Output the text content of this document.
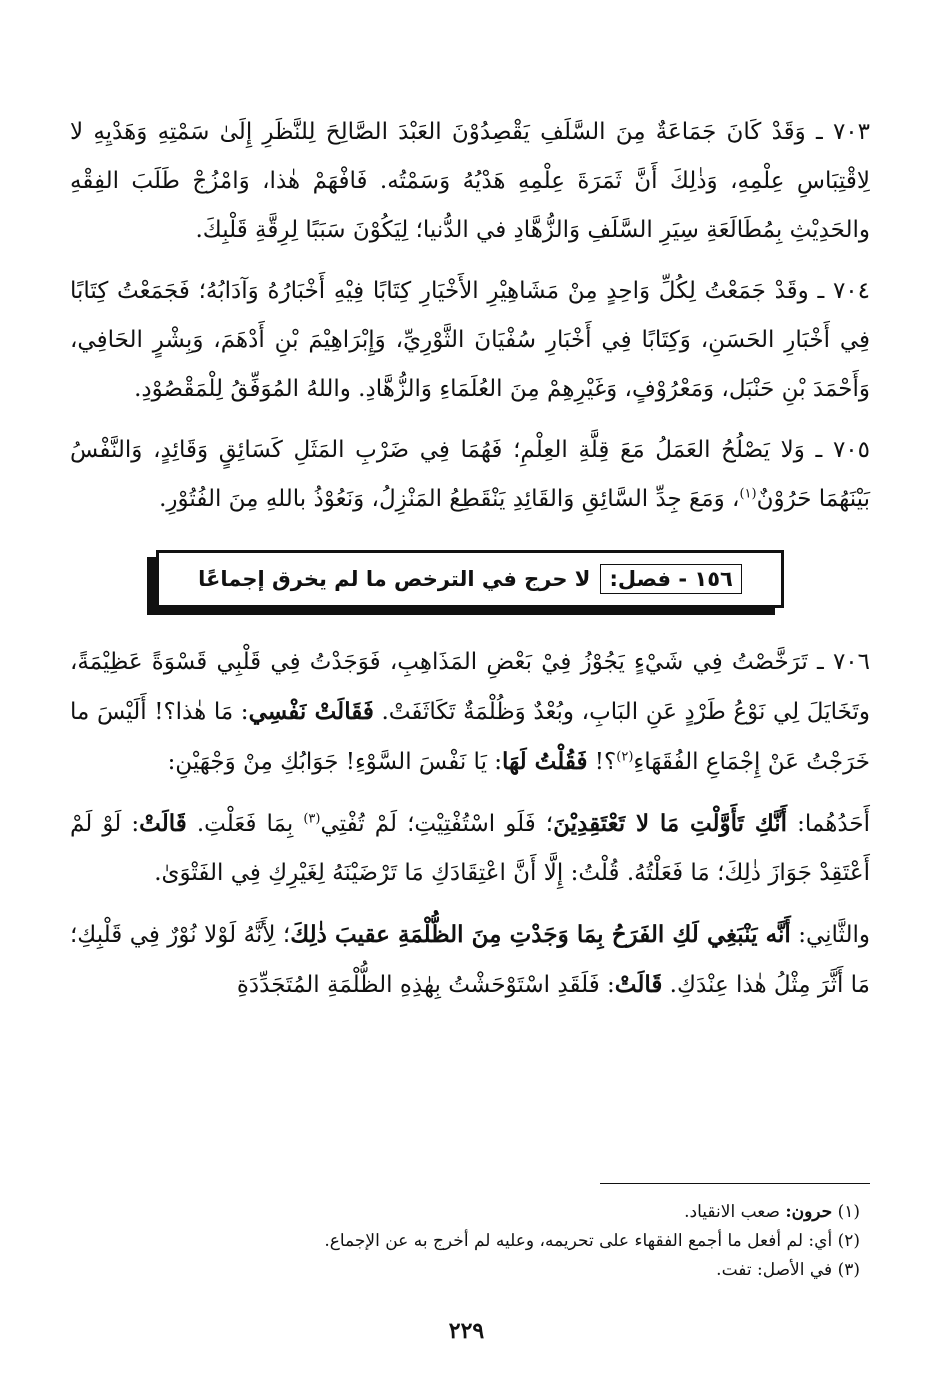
٧٠٣ ـ وَقَدْ كَانَ جَمَاعَةٌ مِنَ السَّلَفِ يَقْصِدُوْنَ العَبْدَ الصَّالِحَ لِلنَّظَرِ إِلَىٰ سَمْتِهِ وَهَدْيِهِ لا لِاقْتِبَاسِ عِلْمِهِ، وَذٰلِكَ أَنَّ ثَمَرَةَ عِلْمِهِ هَدْيُهُ وَسَمْتُه. فَافْهَمْ هٰذا، وَامْزُجْ طَلَبَ الفِقْهِ والحَدِيْثِ بِمُطَالَعَةِ سِيَرِ السَّلَفِ وَالزُّهَّادِ في الدُّنيا؛ لِيَكُوْنَ سَبَبًا لِرِقَّةِ قَلْبِكَ.

٧٠٤ ـ وقَدْ جَمَعْتُ لِكُلِّ وَاحِدٍ مِنْ مَشَاهِيْرِ الأَخْيَارِ كِتَابًا فِيْهِ أَخْبَارُهُ وَآدَابُهُ؛ فَجَمَعْتُ كِتَابًا فِي أَخْبَارِ الحَسَنِ، وَكِتَابًا فِي أَخْبَارِ سُفْيَانَ الثَّوْرِيِّ، وَإِبْرَاهِيْمَ بْنِ أَدْهَمَ، وَبِشْرٍ الحَافِي، وَأَحْمَدَ بْنِ حَنْبَل، وَمَعْرُوْفٍ، وَغَيْرِهِمْ مِنَ العُلَمَاءِ وَالزُّهَّادِ. واللهُ المُوَفِّقُ لِلْمَقْصُوْدِ.

٧٠٥ ـ وَلا يَصْلُحُ العَمَلُ مَعَ قِلَّةِ العِلْمِ؛ فَهُمَا فِي ضَرْبِ المَثَلِ كَسَائِقٍ وَقَائِدٍ، وَالنَّفْسُ بَيْنَهُمَا حَرُوْنٌ$^{(١)}$، وَمَعَ جِدِّ السَّائِقِ وَالقَائِدِ يَنْقَطِعُ المَنْزِلُ، وَنَعُوْذُ باللهِ مِنَ الفُتُوْرِ.

١٥٦ - فصل:
لا حرج في الترخص ما لم يخرق إجماعًا

٧٠٦ ـ تَرَخَّصْتُ فِي شَيْءٍ يَجُوْزُ فِيْ بَعْضِ المَذَاهِبِ، فَوَجَدْتُ فِي قَلْبِي قَسْوَةً عَظِيْمَةً، وتَخَايَلَ لِي نَوْعُ طَرْدٍ عَنِ البَابِ، وبُعْدٌ وَظُلْمَةٌ تَكَاثَفَتْ. فَقَالَتْ نَفْسِي: مَا هٰذا؟! أَلَيْسَ ما خَرَجْتُ عَنْ إِجْمَاعِ الفُقَهَاءِ$^{(٢)}$؟! فَقُلْتُ لَهَا: يَا نَفْسَ السَّوْءِ! جَوَابُكِ مِنْ وَجْهَيْنِ:

أَحَدُهُما: أَنَّكِ تَأَوَّلْتِ مَا لا تَعْتَقِدِيْنَ؛ فَلَو اسْتُفْتِيْتِ؛ لَمْ تُفْتِي$^{(٣)}$ بِمَا فَعَلْتِ. قَالَتْ: لَوْ لَمْ أَعْتَقِدْ جَوَازَ ذٰلِكَ؛ مَا فَعَلْتُهُ. قُلْتُ: إِلَّا أَنَّ اعْتِقَادَكِ مَا تَرْضَيْنَهُ لِغَيْرِكِ فِي الفَتْوَىٰ.

والثَّانِي: أَنَّه يَنْبَغِي لَكِ الفَرَحُ بِمَا وَجَدْتِ مِنَ الظُّلْمَةِ عقيبَ ذٰلِكَ؛ لِأَنَّهُ لَوْلا نُوْرٌ فِي قَلْبِكِ؛ مَا أَثَّرَ مِثْلُ هٰذا عِنْدَكِ. قَالَتْ: فَلَقَدِ اسْتَوْحَشْتُ بِهٰذِهِ الظُّلْمَةِ المُتَجَدِّدَةِ

(١) حرون: صعب الانقياد.

(٢) أي: لم أفعل ما أجمع الفقهاء على تحريمه، وعليه لم أخرج به عن الإجماع.

(٣) في الأصل: تفت.

٢٢٩
